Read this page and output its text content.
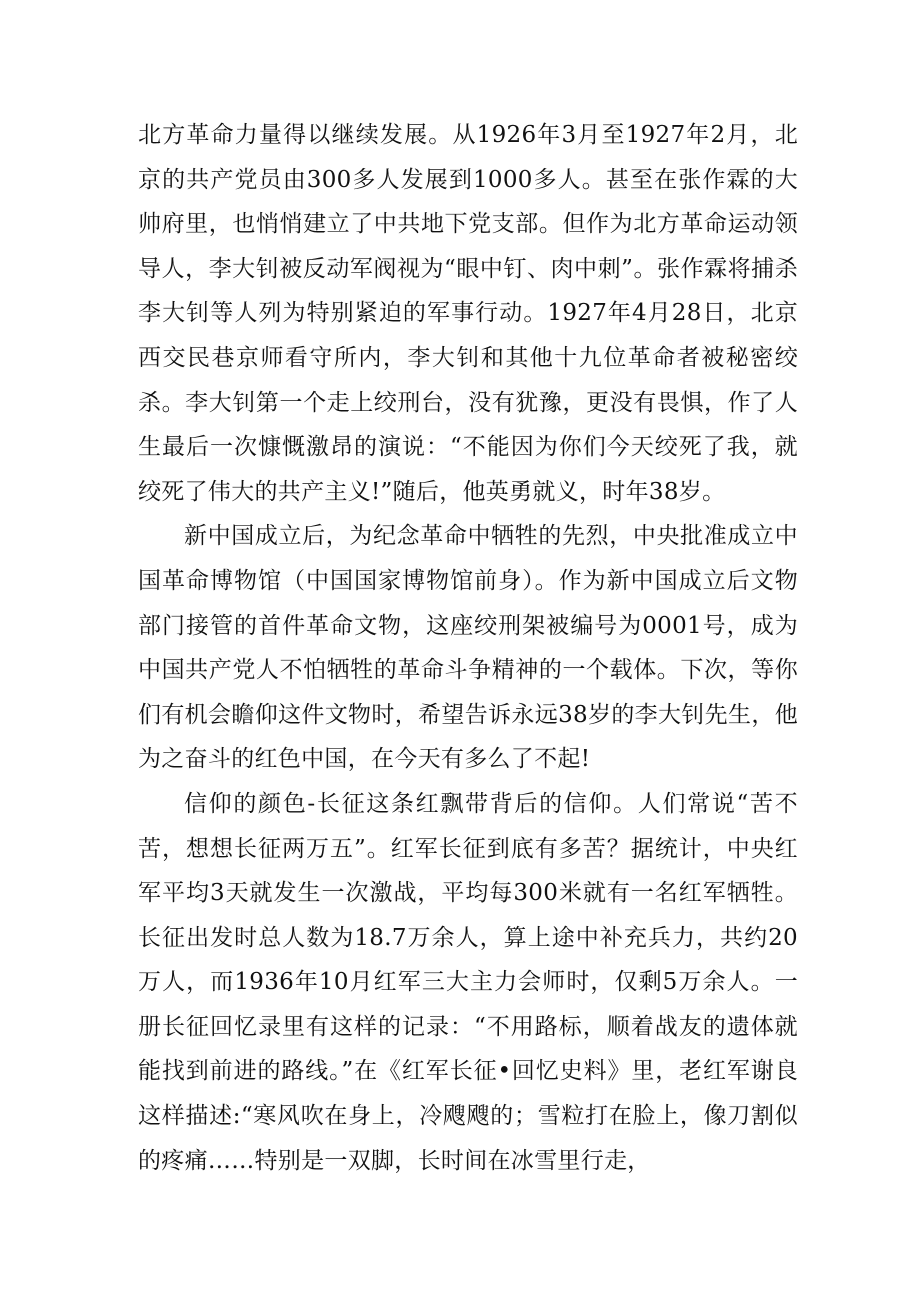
北方革命力量得以继续发展。从1926年3月至1927年2月，北京的共产党员由300多人发展到1000多人。甚至在张作霖的大帅府里，也悄悄建立了中共地下党支部。但作为北方革命运动领导人，李大钊被反动军阀视为“眼中钉、肉中刺”。张作霖将捕杀李大钊等人列为特别紧迫的军事行动。1927年4月28日，北京西交民巷京师看守所内，李大钊和其他十九位革命者被秘密绞杀。李大钊第一个走上绞刑台，没有犹豫，更没有畏惧，作了人生最后一次慷慨激昂的演说：“不能因为你们今天绞死了我，就绞死了伟大的共产主义!”随后，他英勇就义，时年38岁。

新中国成立后，为纪念革命中牺牲的先烈，中央批准成立中国革命博物馆（中国国家博物馆前身）。作为新中国成立后文物部门接管的首件革命文物，这座绞刑架被编号为0001号，成为中国共产党人不怕牺牲的革命斗争精神的一个载体。下次，等你们有机会瞻仰这件文物时，希望告诉永远38岁的李大钊先生，他为之奋斗的红色中国，在今天有多么了不起!

信仰的颜色-长征这条红飘带背后的信仰。人们常说“苦不苦，想想长征两万五”。红军长征到底有多苦？据统计，中央红军平均3天就发生一次激战，平均每300米就有一名红军牺牲。长征出发时总人数为18.7万余人，算上途中补充兵力，共约20万人，而1936年10月红军三大主力会师时，仅剩5万余人。一册长征回忆录里有这样的记录：“不用路标，顺着战友的遗体就能找到前进的路线。”在《红军长征•回忆史料》里，老红军谢良这样描述:“寒风吹在身上，冷飕飕的；雪粒打在脸上，像刀割似的疼痛……特别是一双脚，长时间在冰雪里行走，
